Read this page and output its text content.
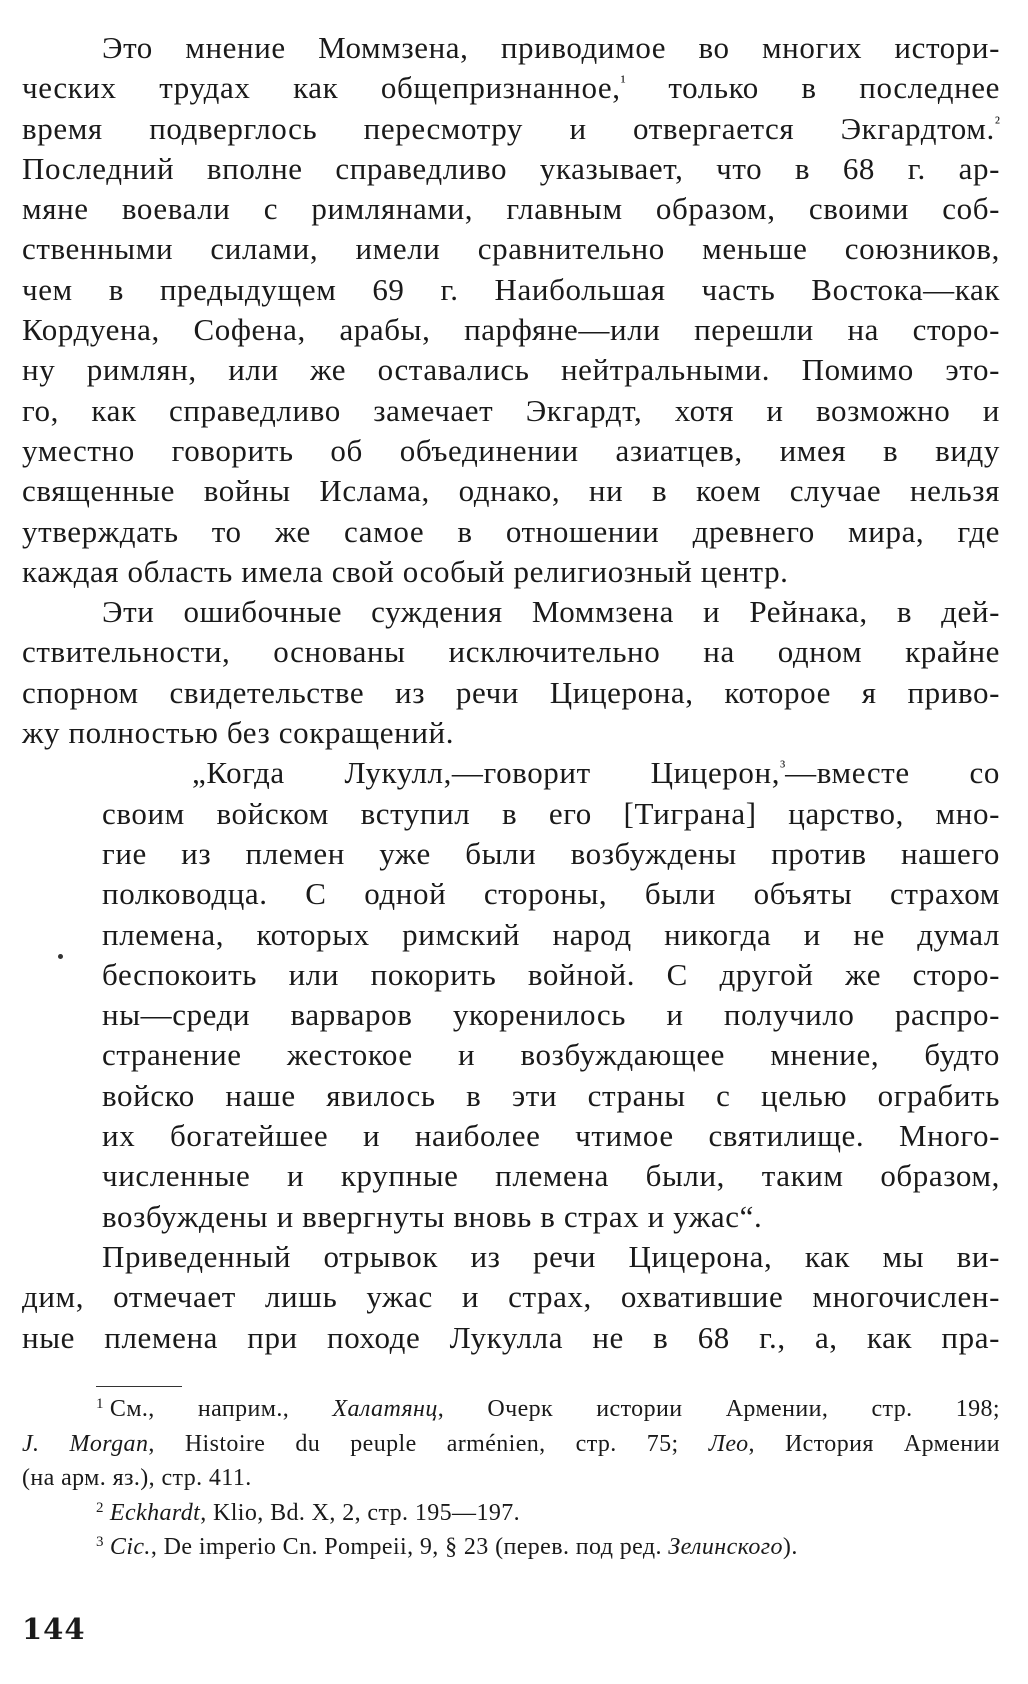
Это мнение Моммзена, приводимое во многих истори-
ческих трудах как общепризнанное,$^{^1}$ только в последнее
время подверглось пересмотру и отвергается Экгардтом.$^{^2}$
Последний вполне справедливо указывает, что в 68 г. ар-
мяне воевали с римлянами, главным образом, своими соб-
ственными силами, имели сравнительно меньше союзников,
чем в предыдущем 69 г. Наибольшая часть Востока—как
Кордуена, Софена, арабы, парфяне—или перешли на сторо-
ну римлян, или же оставались нейтральными. Помимо это-
го, как справедливо замечает Экгардт, хотя и возможно и
уместно говорить об объединении азиатцев, имея в виду
священные войны Ислама, однако, ни в коем случае нельзя
утверждать то же самое в отношении древнего мира, где
каждая область имела свой особый религиозный центр.
Эти ошибочные суждения Моммзена и Рейнака, в дей-
ствительности, основаны исключительно на одном крайне
спорном свидетельстве из речи Цицерона, которое я приво-
жу полностью без сокращений.
„Когда Лукулл,—говорит Цицерон,$^{^3}$—вместе со
своим войском вступил в его [Тиграна] царство, мно-
гие из племен уже были возбуждены против нашего
полководца. С одной стороны, были объяты страхом
племена, которых римский народ никогда и не думал
беспокоить или покорить войной. С другой же сторо-
ны—среди варваров укоренилось и получило распро-
странение жестокое и возбуждающее мнение, будто
войско наше явилось в эти страны с целью ограбить
их богатейшее и наиболее чтимое святилище. Много-
численные и крупные племена были, таким образом,
возбуждены и ввергнуты вновь в страх и ужас“.
Приведенный отрывок из речи Цицерона, как мы ви-
дим, отмечает лишь ужас и страх, охватившие многочислен-
ные племена при походе Лукулла не в 68 г., а, как пра-
$^1$ См., наприм., Халатянц, Очерк истории Армении, стр. 198;
J. Morgan, Histoire du peuple arménien, стр. 75; Лео, История Армении
(на арм. яз.), стр. 411.
$^2$ Eckhardt, Klio, Bd. X, 2, стр. 195—197.
$^3$ Cic., De imperio Cn. Pompeii, 9, § 23 (перев. под ред. Зелинского).
144
